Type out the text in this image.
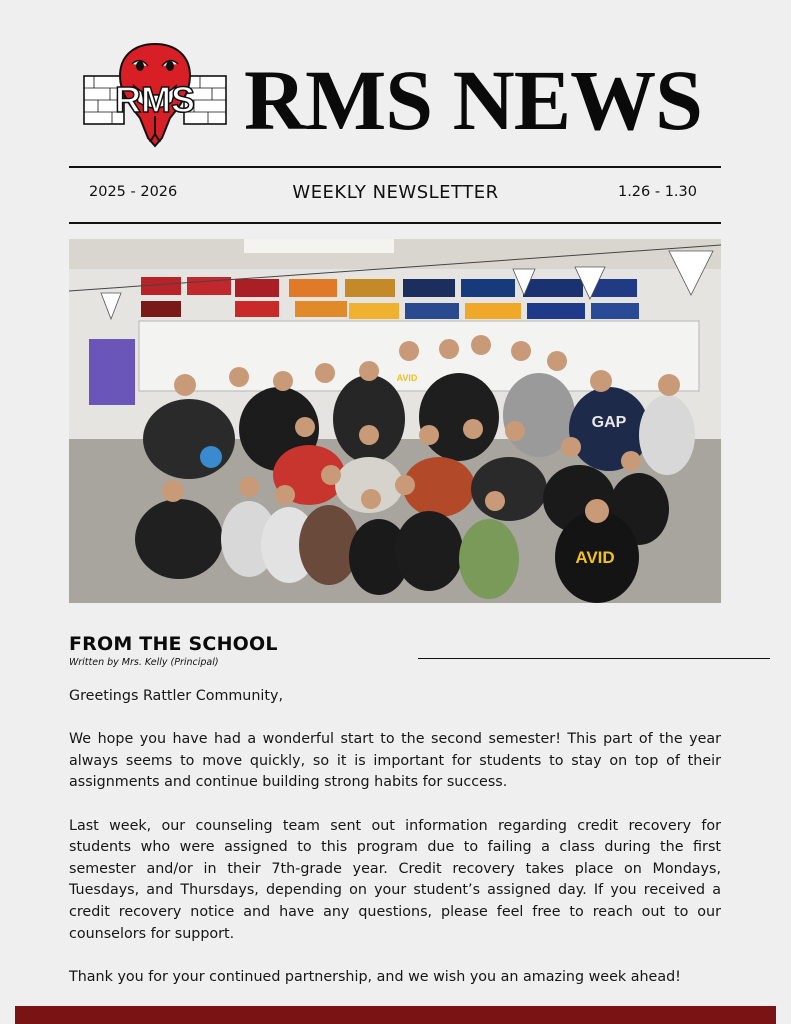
RMS RMS NEWS
2025 - 2026	WEEKLY NEWSLETTER	1.26 - 1.30
AVID
GAP
AVID
FROM THE SCHOOL
Written by Mrs. Kelly (Principal)

Greetings Rattler Community,

We hope you have had a wonderful start to the second semester! This part of the year always seems to move quickly, so it is important for students to stay on top of their assignments and continue building strong habits for success.

Last week, our counseling team sent out information regarding credit recovery for students who were assigned to this program due to failing a class during the first semester and/or in their 7th-grade year. Credit recovery takes place on Mondays, Tuesdays, and Thursdays, depending on your student’s assigned day. If you received a credit recovery notice and have any questions, please feel free to reach out to our counselors for support.

Thank you for your continued partnership, and we wish you an amazing week ahead!
